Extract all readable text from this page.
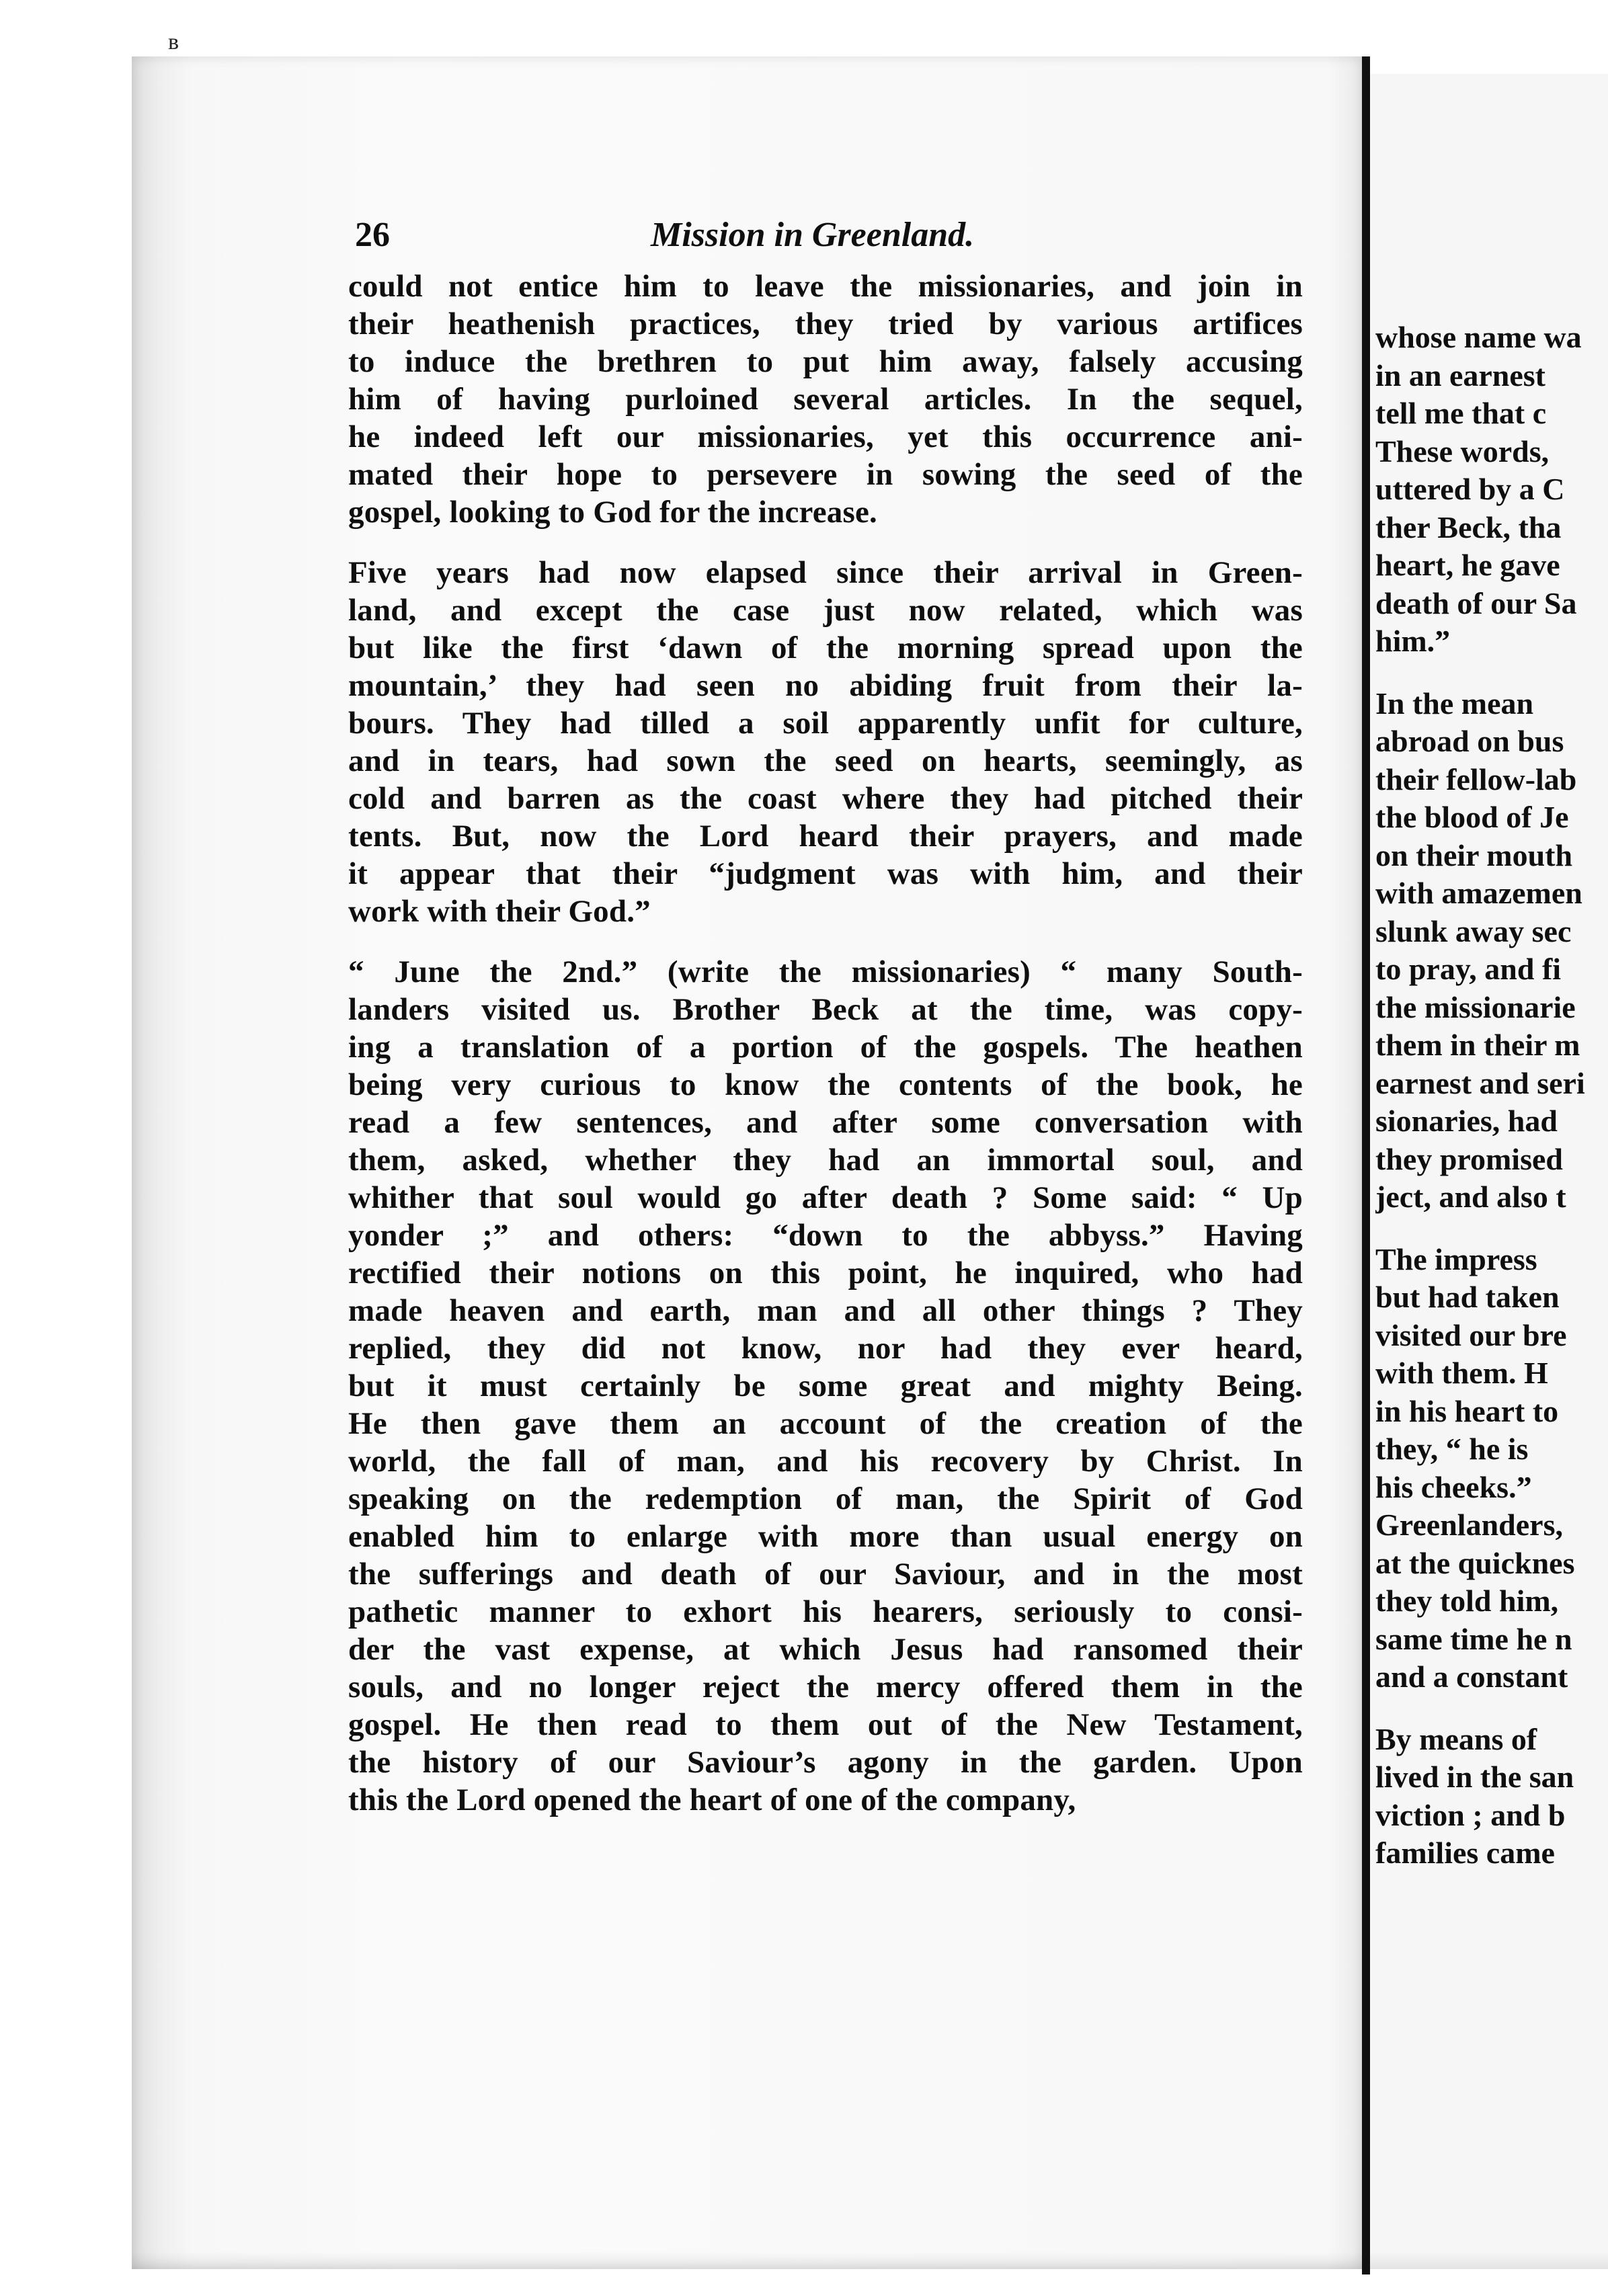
ʙ
26	Mission in Greenland.
could not entice him to leave the missionaries, and join in
their heathenish practices, they tried by various artifices
to induce the brethren to put him away, falsely accusing
him of having purloined several articles. In the sequel,
he indeed left our missionaries, yet this occurrence ani-
mated their hope to persevere in sowing the seed of the
gospel, looking to God for the increase.
Five years had now elapsed since their arrival in Green-
land, and except the case just now related, which was
but like the first ‘dawn of the morning spread upon the
mountain,’ they had seen no abiding fruit from their la-
bours. They had tilled a soil apparently unfit for culture,
and in tears, had sown the seed on hearts, seemingly, as
cold and barren as the coast where they had pitched their
tents. But, now the Lord heard their prayers, and made
it appear that their “judgment was with him, and their
work with their God.”
“ June the 2nd.” (write the missionaries) “ many South-
landers visited us. Brother Beck at the time, was copy-
ing a translation of a portion of the gospels. The heathen
being very curious to know the contents of the book, he
read a few sentences, and after some conversation with
them, asked, whether they had an immortal soul, and
whither that soul would go after death ? Some said: “ Up
yonder ;” and others: “down to the abbyss.” Having
rectified their notions on this point, he inquired, who had
made heaven and earth, man and all other things ? They
replied, they did not know, nor had they ever heard,
but it must certainly be some great and mighty Being.
He then gave them an account of the creation of the
world, the fall of man, and his recovery by Christ. In
speaking on the redemption of man, the Spirit of God
enabled him to enlarge with more than usual energy on
the sufferings and death of our Saviour, and in the most
pathetic manner to exhort his hearers, seriously to consi-
der the vast expense, at which Jesus had ransomed their
souls, and no longer reject the mercy offered them in the
gospel. He then read to them out of the New Testament,
the history of our Saviour’s agony in the garden. Upon
this the Lord opened the heart of one of the company,
whose name wa
in an earnest
tell me that c
These words,
uttered by a C
ther Beck, tha
heart, he gave
death of our Sa
him.”
In the mean
abroad on bus
their fellow-lab
the blood of Je
on their mouth
with amazemen
slunk away sec
to pray, and fi
the missionarie
them in their m
earnest and seri
sionaries, had
they promised
ject, and also t
The impress
but had taken
visited our bre
with them. H
in his heart to
they, “ he is
his cheeks.”
Greenlanders,
at the quicknes
they told him,
same time he n
and a constant
By means of
lived in the san
viction ; and b
families came
